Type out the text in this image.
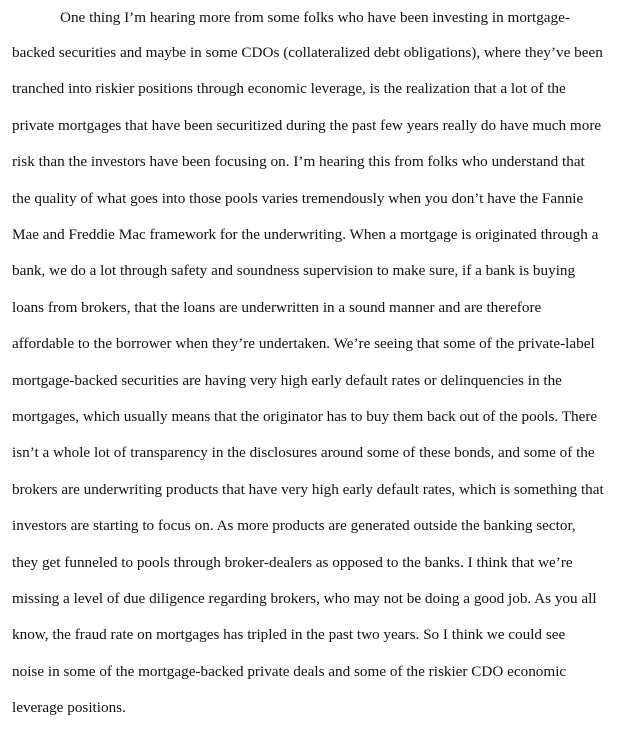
One thing I’m hearing more from some folks who have been investing in mortgage-
backed securities and maybe in some CDOs (collateralized debt obligations), where they’ve been
tranched into riskier positions through economic leverage, is the realization that a lot of the
private mortgages that have been securitized during the past few years really do have much more
risk than the investors have been focusing on. I’m hearing this from folks who understand that
the quality of what goes into those pools varies tremendously when you don’t have the Fannie
Mae and Freddie Mac framework for the underwriting. When a mortgage is originated through a
bank, we do a lot through safety and soundness supervision to make sure, if a bank is buying
loans from brokers, that the loans are underwritten in a sound manner and are therefore
affordable to the borrower when they’re undertaken. We’re seeing that some of the private-label
mortgage-backed securities are having very high early default rates or delinquencies in the
mortgages, which usually means that the originator has to buy them back out of the pools. There
isn’t a whole lot of transparency in the disclosures around some of these bonds, and some of the
brokers are underwriting products that have very high early default rates, which is something that
investors are starting to focus on. As more products are generated outside the banking sector,
they get funneled to pools through broker-dealers as opposed to the banks. I think that we’re
missing a level of due diligence regarding brokers, who may not be doing a good job. As you all
know, the fraud rate on mortgages has tripled in the past two years. So I think we could see
noise in some of the mortgage-backed private deals and some of the riskier CDO economic
leverage positions.
